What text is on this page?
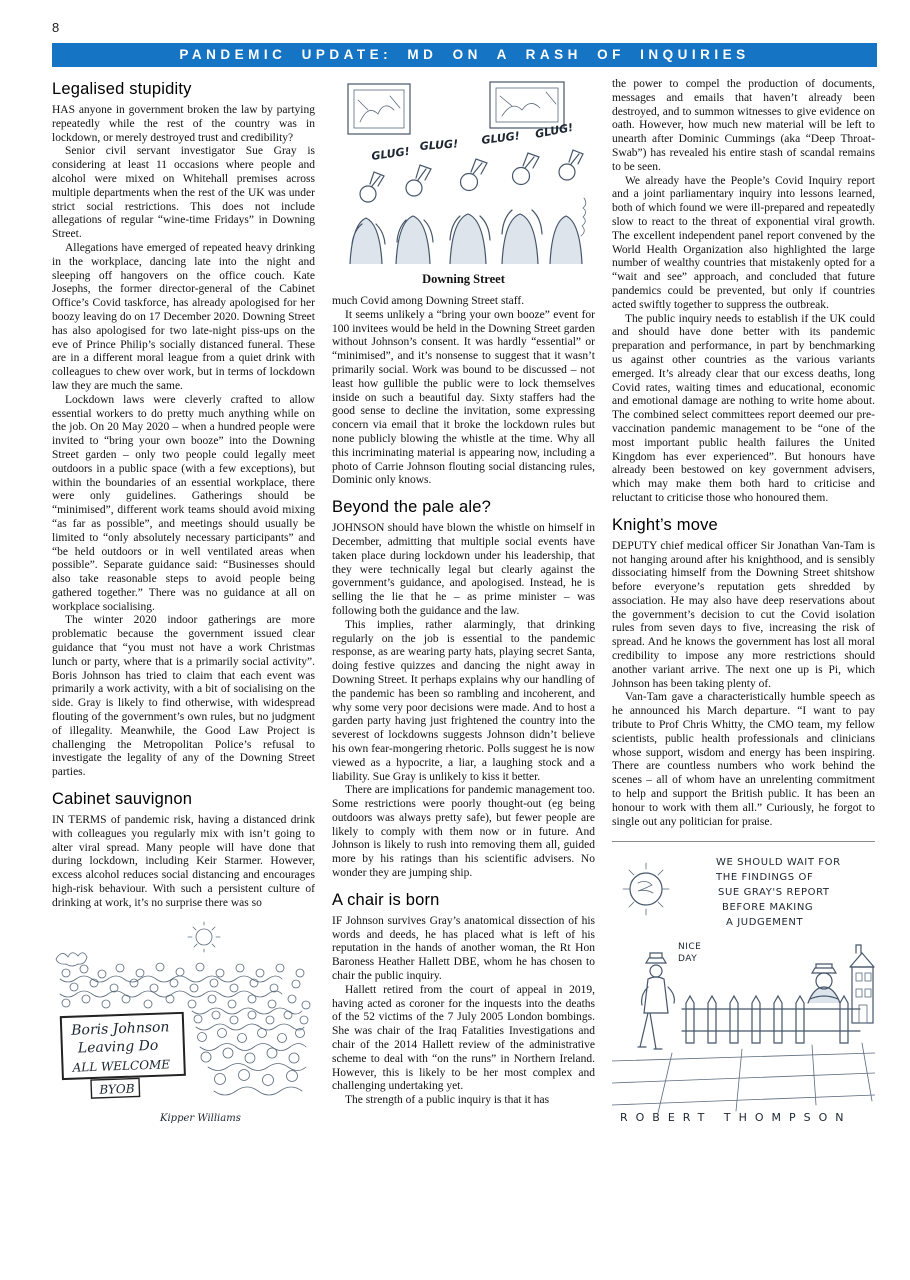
8
PANDEMIC UPDATE: MD ON A RASH OF INQUIRIES
Legalised stupidity

HAS anyone in government broken the law by partying repeatedly while the rest of the country was in lockdown, or merely destroyed trust and credibility?

Senior civil servant investigator Sue Gray is considering at least 11 occasions where people and alcohol were mixed on Whitehall premises across multiple departments when the rest of the UK was under strict social restrictions. This does not include allegations of regular “wine-time Fridays” in Downing Street.

Allegations have emerged of repeated heavy drinking in the workplace, dancing late into the night and sleeping off hangovers on the office couch. Kate Josephs, the former director-general of the Cabinet Office’s Covid taskforce, has already apologised for her boozy leaving do on 17 December 2020. Downing Street has also apologised for two late-night piss-ups on the eve of Prince Philip’s socially distanced funeral. These are in a different moral league from a quiet drink with colleagues to chew over work, but in terms of lockdown law they are much the same.

Lockdown laws were cleverly crafted to allow essential workers to do pretty much anything while on the job. On 20 May 2020 – when a hundred people were invited to “bring your own booze” into the Downing Street garden – only two people could legally meet outdoors in a public space (with a few exceptions), but within the boundaries of an essential workplace, there were only guidelines. Gatherings should be “minimised”, different work teams should avoid mixing “as far as possible”, and meetings should usually be limited to “only absolutely necessary participants” and “be held outdoors or in well ventilated areas when possible”. Separate guidance said: “Businesses should also take reasonable steps to avoid people being gathered together.” There was no guidance at all on workplace socialising.

The winter 2020 indoor gatherings are more problematic because the government issued clear guidance that “you must not have a work Christmas lunch or party, where that is a primarily social activity”. Boris Johnson has tried to claim that each event was primarily a work activity, with a bit of socialising on the side. Gray is likely to find otherwise, with widespread flouting of the government’s own rules, but no judgment of illegality. Meanwhile, the Good Law Project is challenging the Metropolitan Police’s refusal to investigate the legality of any of the Downing Street parties.

Cabinet sauvignon

IN TERMS of pandemic risk, having a distanced drink with colleagues you regularly mix with isn’t going to alter viral spread. Many people will have done that during lockdown, including Keir Starmer. However, excess alcohol reduces social distancing and encourages high-risk behaviour. With such a persistent culture of drinking at work, it’s no surprise there was so

Boris Johnson
Leaving Do
ALL WELCOME
BYOB
Kipper Williams
GLUG! GLUG! GLUG! GLUG!
Downing Street

much Covid among Downing Street staff.

It seems unlikely a “bring your own booze” event for 100 invitees would be held in the Downing Street garden without Johnson’s consent. It was hardly “essential” or “minimised”, and it’s nonsense to suggest that it wasn’t primarily social. Work was bound to be discussed – not least how gullible the public were to lock themselves inside on such a beautiful day. Sixty staffers had the good sense to decline the invitation, some expressing concern via email that it broke the lockdown rules but none publicly blowing the whistle at the time. Why all this incriminating material is appearing now, including a photo of Carrie Johnson flouting social distancing rules, Dominic only knows.

Beyond the pale ale?

JOHNSON should have blown the whistle on himself in December, admitting that multiple social events have taken place during lockdown under his leadership, that they were technically legal but clearly against the government’s guidance, and apologised. Instead, he is selling the lie that he – as prime minister – was following both the guidance and the law.

This implies, rather alarmingly, that drinking regularly on the job is essential to the pandemic response, as are wearing party hats, playing secret Santa, doing festive quizzes and dancing the night away in Downing Street. It perhaps explains why our handling of the pandemic has been so rambling and incoherent, and why some very poor decisions were made. And to host a garden party having just frightened the country into the severest of lockdowns suggests Johnson didn’t believe his own fear-mongering rhetoric. Polls suggest he is now viewed as a hypocrite, a liar, a laughing stock and a liability. Sue Gray is unlikely to kiss it better.

There are implications for pandemic management too. Some restrictions were poorly thought-out (eg being outdoors was always pretty safe), but fewer people are likely to comply with them now or in future. And Johnson is likely to rush into removing them all, guided more by his ratings than his scientific advisers. No wonder they are jumping ship.

A chair is born

IF Johnson survives Gray’s anatomical dissection of his words and deeds, he has placed what is left of his reputation in the hands of another woman, the Rt Hon Baroness Heather Hallett DBE, whom he has chosen to chair the public inquiry.

Hallett retired from the court of appeal in 2019, having acted as coroner for the inquests into the deaths of the 52 victims of the 7 July 2005 London bombings. She was chair of the Iraq Fatalities Investigations and chair of the 2014 Hallett review of the administrative scheme to deal with “on the runs” in Northern Ireland. However, this is likely to be her most complex and challenging undertaking yet.

The strength of a public inquiry is that it has

the power to compel the production of documents, messages and emails that haven’t already been destroyed, and to summon witnesses to give evidence on oath. However, how much new material will be left to unearth after Dominic Cummings (aka “Deep Throat-Swab”) has revealed his entire stash of scandal remains to be seen.

We already have the People’s Covid Inquiry report and a joint parliamentary inquiry into lessons learned, both of which found we were ill-prepared and repeatedly slow to react to the threat of exponential viral growth. The excellent independent panel report convened by the World Health Organization also highlighted the large number of wealthy countries that mistakenly opted for a “wait and see” approach, and concluded that future pandemics could be prevented, but only if countries acted swiftly together to suppress the outbreak.

The public inquiry needs to establish if the UK could and should have done better with its pandemic preparation and performance, in part by benchmarking us against other countries as the various variants emerged. It’s already clear that our excess deaths, long Covid rates, waiting times and educational, economic and emotional damage are nothing to write home about. The combined select committees report deemed our pre-vaccination pandemic management to be “one of the most important public health failures the United Kingdom has ever experienced”. But honours have already been bestowed on key government advisers, which may make them both hard to criticise and reluctant to criticise those who honoured them.

Knight’s move

DEPUTY chief medical officer Sir Jonathan Van-Tam is not hanging around after his knighthood, and is sensibly dissociating himself from the Downing Street shitshow before everyone’s reputation gets shredded by association. He may also have deep reservations about the government’s decision to cut the Covid isolation rules from seven days to five, increasing the risk of spread. And he knows the government has lost all moral credibility to impose any more restrictions should another variant arrive. The next one up is Pi, which Johnson has been taking plenty of.

Van-Tam gave a characteristically humble speech as he announced his March departure. “I want to pay tribute to Prof Chris Whitty, the CMO team, my fellow scientists, public health professionals and clinicians whose support, wisdom and energy has been inspiring. There are countless numbers who work behind the scenes – all of whom have an unrelenting commitment to help and support the British public. It has been an honour to work with them all.” Curiously, he forgot to single out any politician for praise.

WE SHOULD WAIT FOR
THE FINDINGS OF
SUE GRAY'S REPORT
BEFORE MAKING
A JUDGEMENT
NICE
DAY
ROBERT THOMPSON
